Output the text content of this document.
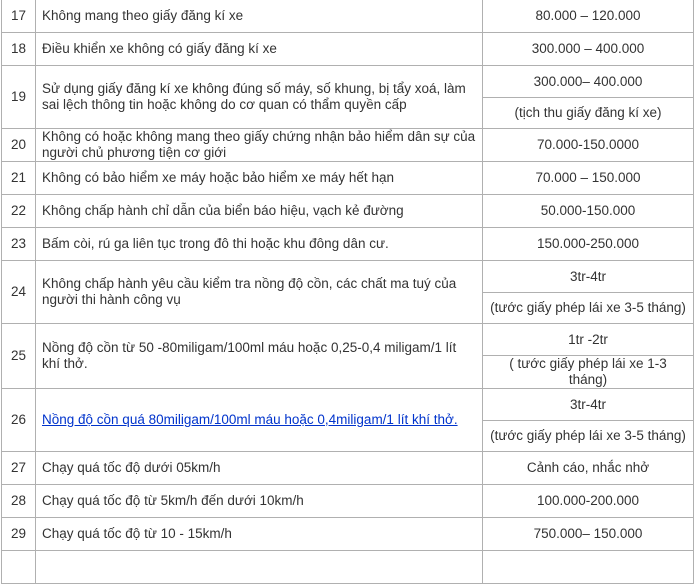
17	Không mang theo giấy đăng kí xe	80.000 – 120.000
18	Điều khiển xe không có giấy đăng kí xe	300.000 – 400.000
19	Sử dụng giấy đăng kí xe không đúng số máy, số khung, bị tẩy xoá, làm sai lệch thông tin hoặc không do cơ quan có thẩm quyền cấp	300.000– 400.000
		(tịch thu giấy đăng kí xe)
20	Không có hoặc không mang theo giấy chứng nhận bảo hiểm dân sự của người chủ phương tiện cơ giới	70.000-150.0000
21	Không có bảo hiểm xe máy hoặc bảo hiểm xe máy hết hạn	70.000 – 150.000
22	Không chấp hành chỉ dẫn của biển báo hiệu, vạch kẻ đường	50.000-150.000
23	Bấm còi, rú ga liên tục trong đô thi hoặc khu đông dân cư.	150.000-250.000
24	Không chấp hành yêu cầu kiểm tra nồng độ cồn, các chất ma tuý của người thi hành công vụ	3tr-4tr
		(tước giấy phép lái xe 3-5 tháng)
25	Nồng độ cồn từ 50 -80miligam/100ml máu hoặc 0,25-0,4 miligam/1 lít khí thở.	1tr -2tr
		( tước giấy phép lái xe 1-3 tháng)
26	Nồng độ cồn quá 80miligam/100ml máu hoặc 0,4miligam/1 lít khí thở.	3tr-4tr
		(tước giấy phép lái xe 3-5 tháng)
27	Chạy quá tốc độ dưới 05km/h	Cảnh cáo, nhắc nhở
28	Chạy quá tốc độ từ 5km/h đến dưới 10km/h	100.000-200.000
29	Chạy quá tốc độ từ 10 - 15km/h	750.000– 150.000
